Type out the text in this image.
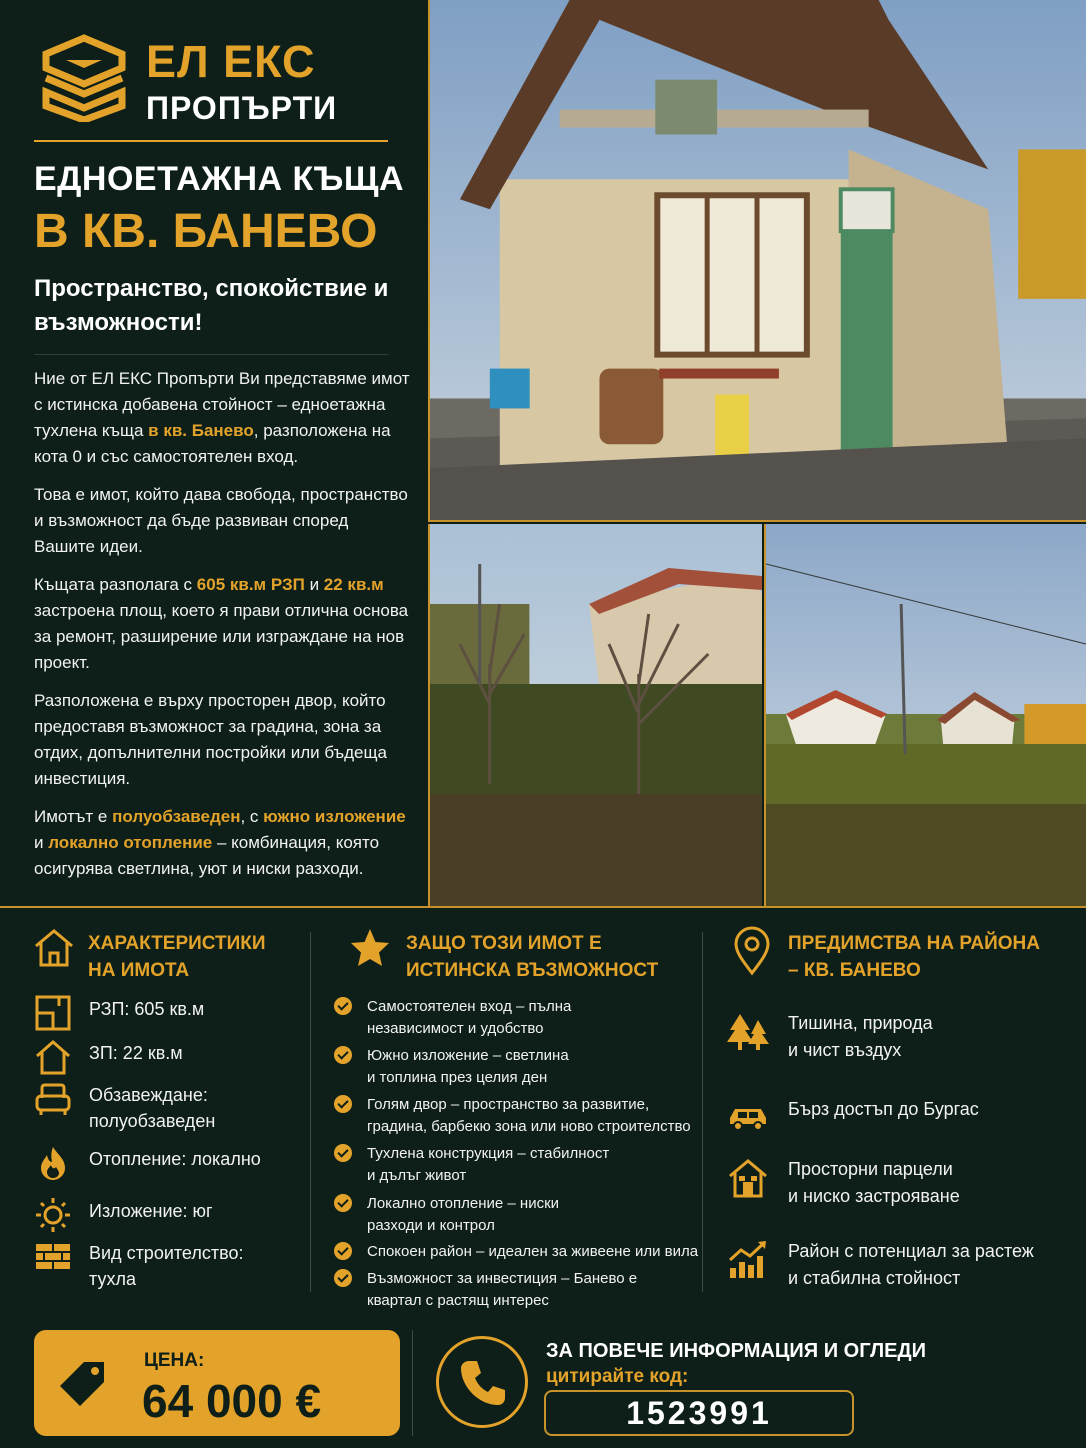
ЕЛ ЕКС
ПРОПЪРТИ
ЕДНОЕТАЖНА КЪЩА
В КВ. БАНЕВО
Пространство, спокойствие и възможности!

Ние от ЕЛ ЕКС Пропърти Ви представяме имот с истинска добавена стойност – едноетажна тухлена къща в кв. Банево, разположена на кота 0 и със самостоятелен вход.

Това е имот, който дава свобода, пространство и възможност да бъде развиван според Вашите идеи.

Къщата разполага с 605 кв.м РЗП и 22 кв.м застроена площ, което я прави отлична основа за ремонт, разширение или изграждане на нов проект.

Разположена е върху просторен двор, който предоставя възможност за градина, зона за отдих, допълнителни постройки или бъдеща инвестиция.

Имотът е полуобзаведен, с южно изложение и локално отопление – комбинация, която осигурява светлина, уют и ниски разходи.

ХАРАКТЕРИСТИКИ
НА ИМОТА
РЗП: 605 кв.м
ЗП: 22 кв.м
Обзавеждане: полуобзаведен
Отопление: локално
Изложение: юг
Вид строителство: тухла
ЗАЩО ТОЗИ ИМОТ Е
ИСТИНСКА ВЪЗМОЖНОСТ
Самостоятелен вход – пълна
независимост и удобство
Южно изложение – светлина
и топлина през целия ден
Голям двор – пространство за развитие,
градина, барбекю зона или ново строителство
Тухлена конструкция – стабилност
и дълъг живот
Локално отопление – ниски
разходи и контрол
Спокоен район – идеален за живеене или вила
Възможност за инвестиция – Банево е
квартал с растящ интерес
ПРЕДИМСТВА НА РАЙОНА
– КВ. БАНЕВО
Тишина, природа
и чист въздух
Бърз достъп до Бургас
Просторни парцели
и ниско застрояване
Район с потенциал за растеж
и стабилна стойност
ЦЕНА:
64 000 €
ЗА ПОВЕЧЕ ИНФОРМАЦИЯ И ОГЛЕДИ
цитирайте код:
1523991
